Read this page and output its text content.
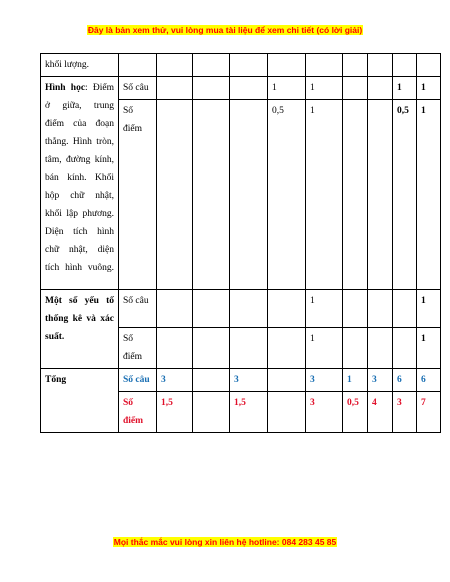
Đây là bản xem thử, vui lòng mua tài liệu để xem chi tiết (có lời giải)
khối lượng.										
Hình học: Điểm ở giữa, trung điểm của đoạn thẳng. Hình tròn, tâm, đường kính, bán kính. Khối hộp chữ nhật, khối lập phương. Diện tích hình chữ nhật, diện tích hình vuông.	Số câu				1	1			1	1
	Số điểm				0,5	1			0,5	1
Một số yếu tố thống kê và xác suất.	Số câu					1				1
	Số điểm					1				1
Tổng	Số câu	3		3		3	1	3	6	6
	Số điểm	1,5		1,5		3	0,5	4	3	7
Mọi thắc mắc vui lòng xin liên hệ hotline: 084 283 45 85
